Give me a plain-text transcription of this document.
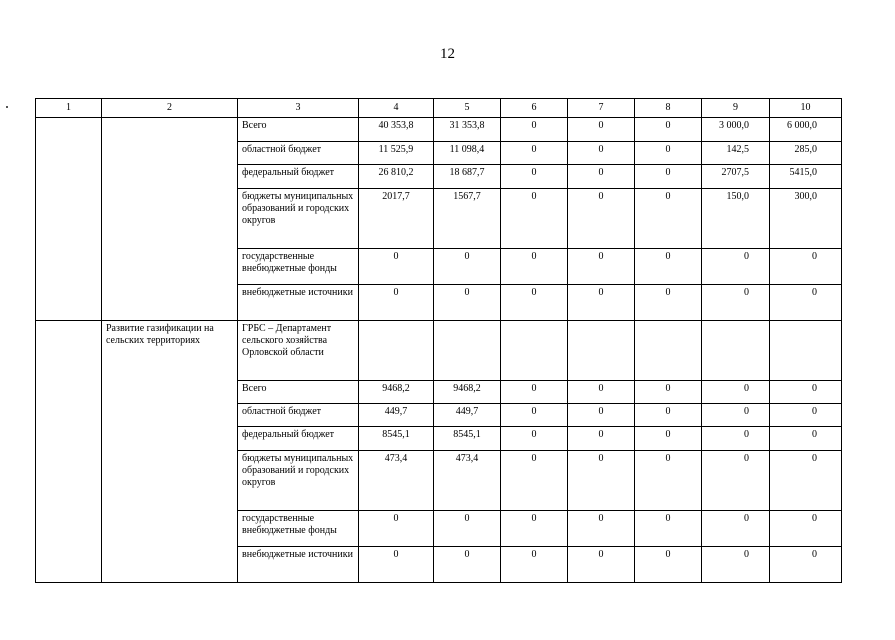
12
1	2	3	4	5	6	7	8	9	10
		Всего	40 353,8	31 353,8	0	0	0	3 000,0	6 000,0
		областной бюджет	11 525,9	11 098,4	0	0	0	142,5	285,0
		федеральный бюджет	26 810,2	18 687,7	0	0	0	2707,5	5415,0
		бюджеты муниципальных образований и городских округов	2017,7	1567,7	0	0	0	150,0	300,0
		государственные внебюджетные фонды	0	0	0	0	0	0	0
		внебюджетные источники	0	0	0	0	0	0	0
	Развитие газификации на сельских территориях	ГРБС – Департамент сельского хозяйства Орловской области							
		Всего	9468,2	9468,2	0	0	0	0	0
		областной бюджет	449,7	449,7	0	0	0	0	0
		федеральный бюджет	8545,1	8545,1	0	0	0	0	0
		бюджеты муниципальных образований и городских округов	473,4	473,4	0	0	0	0	0
		государственные внебюджетные фонды	0	0	0	0	0	0	0
		внебюджетные источники	0	0	0	0	0	0	0
